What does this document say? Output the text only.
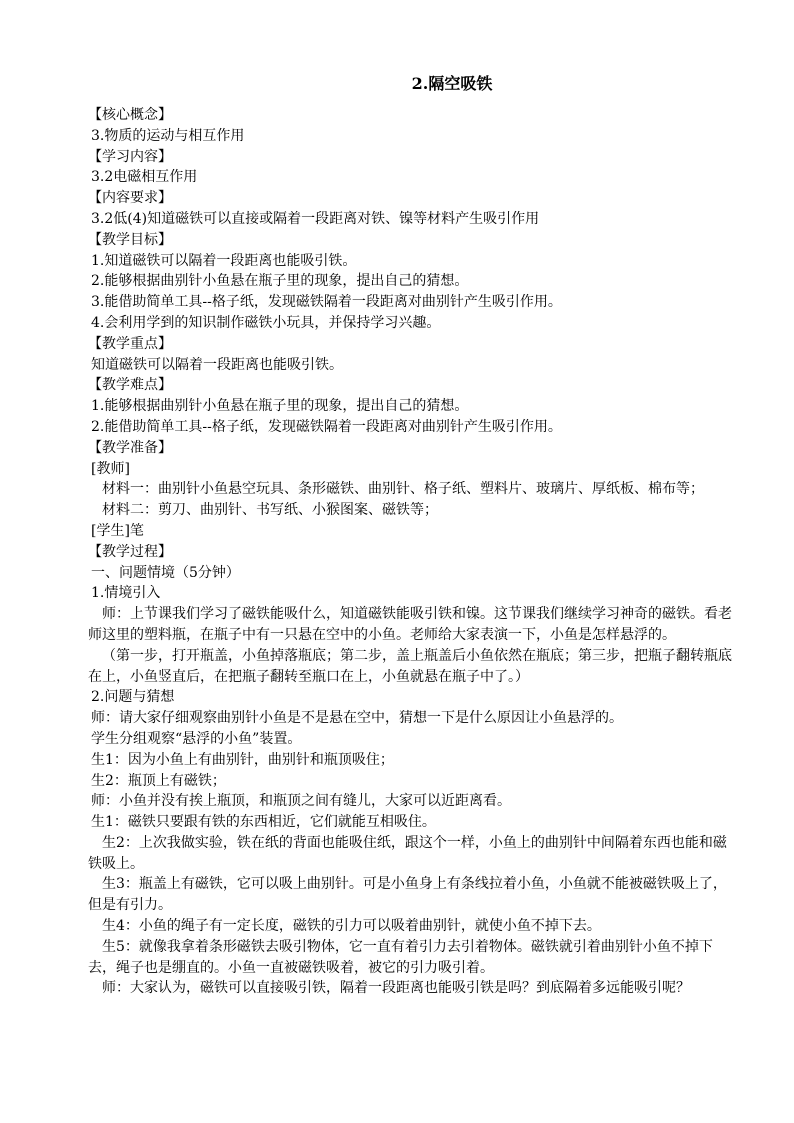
2.隔空吸铁
【核心概念】
3.物质的运动与相互作用
【学习内容】
3.2电磁相互作用
【内容要求】
3.2低(4)知道磁铁可以直接或隔着一段距离对铁、镍等材料产生吸引作用
【教学目标】
1.知道磁铁可以隔着一段距离也能吸引铁。
2.能够根据曲别针小鱼悬在瓶子里的现象，提出自己的猜想。
3.能借助简单工具--格子纸，发现磁铁隔着一段距离对曲别针产生吸引作用。
4.会利用学到的知识制作磁铁小玩具，并保持学习兴趣。
【教学重点】
知道磁铁可以隔着一段距离也能吸引铁。
【教学难点】
1.能够根据曲别针小鱼悬在瓶子里的现象，提出自己的猜想。
2.能借助简单工具--格子纸，发现磁铁隔着一段距离对曲别针产生吸引作用。
【教学准备】
[教师]
材料一：曲别针小鱼悬空玩具、条形磁铁、曲别针、格子纸、塑料片、玻璃片、厚纸板、棉布等；
材料二：剪刀、曲别针、书写纸、小猴图案、磁铁等；
[学生]笔
【教学过程】
一、问题情境（5分钟）
1.情境引入
师：上节课我们学习了磁铁能吸什么，知道磁铁能吸引铁和镍。这节课我们继续学习神奇的磁铁。看老师这里的塑料瓶，在瓶子中有一只悬在空中的小鱼。老师给大家表演一下，小鱼是怎样悬浮的。
（第一步，打开瓶盖，小鱼掉落瓶底；第二步，盖上瓶盖后小鱼依然在瓶底；第三步，把瓶子翻转瓶底在上，小鱼竖直后，在把瓶子翻转至瓶口在上，小鱼就悬在瓶子中了。）
2.问题与猜想
师：请大家仔细观察曲别针小鱼是不是悬在空中，猜想一下是什么原因让小鱼悬浮的。
学生分组观察“悬浮的小鱼”装置。
生1：因为小鱼上有曲别针，曲别针和瓶顶吸住；
生2：瓶顶上有磁铁；
师：小鱼并没有挨上瓶顶，和瓶顶之间有缝儿，大家可以近距离看。
生1：磁铁只要跟有铁的东西相近，它们就能互相吸住。
生2：上次我做实验，铁在纸的背面也能吸住纸，跟这个一样，小鱼上的曲别针中间隔着东西也能和磁铁吸上。
生3：瓶盖上有磁铁，它可以吸上曲别针。可是小鱼身上有条线拉着小鱼，小鱼就不能被磁铁吸上了，但是有引力。
生4：小鱼的绳子有一定长度，磁铁的引力可以吸着曲别针，就使小鱼不掉下去。
生5：就像我拿着条形磁铁去吸引物体，它一直有着引力去引着物体。磁铁就引着曲别针小鱼不掉下去，绳子也是绷直的。小鱼一直被磁铁吸着，被它的引力吸引着。
师：大家认为，磁铁可以直接吸引铁，隔着一段距离也能吸引铁是吗？到底隔着多远能吸引呢？
